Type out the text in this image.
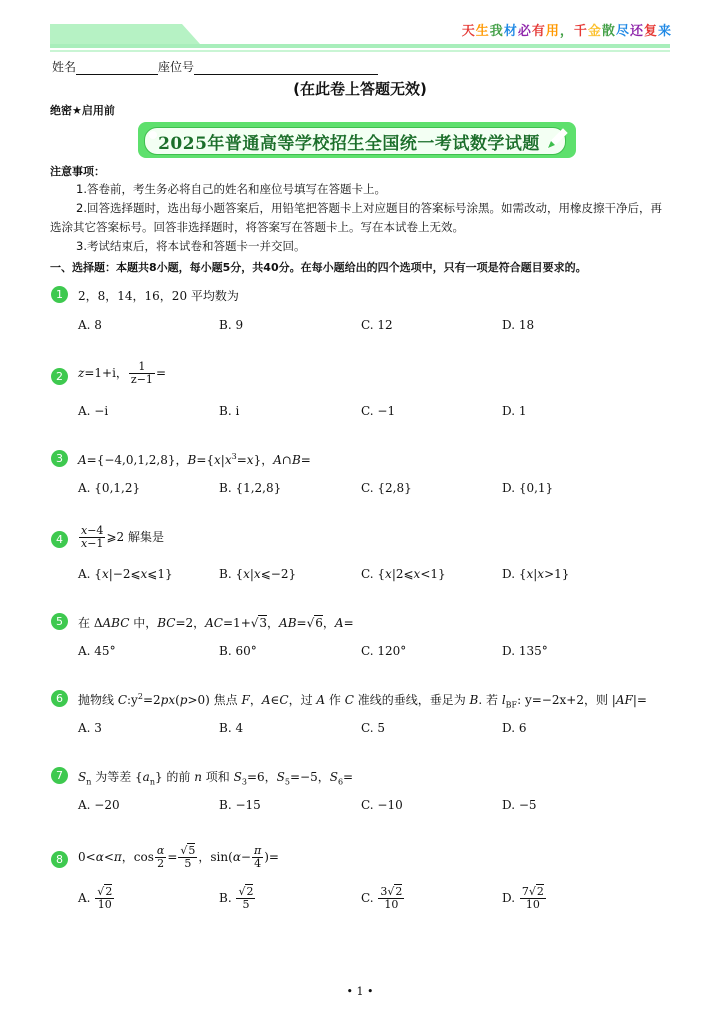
天生我材必有用，千金散尽还复来
姓名	座位号
(在此卷上答题无效)
绝密★启用前
2025年普通高等学校招生全国统一考试数学试题
注意事项：
1.答卷前，考生务必将自己的姓名和座位号填写在答题卡上。
2.回答选择题时，选出每小题答案后，用铅笔把答题卡上对应题目的答案标号涂黑。如需改动，用橡皮擦干净后，再选涂其它答案标号。回答非选择题时，将答案写在答题卡上。写在本试卷上无效。
3.考试结束后，将本试卷和答题卡一并交回。
一、选择题：本题共8小题，每小题5分，共40分。在每小题给出的四个选项中，只有一项是符合题目要求的。
1	2，8，14，16，20 平均数为
A. 8	B. 9	C. 12	D. 18
2	z=1+i， $\frac{1}{z-1}$ =
A. −i	B. i	C. −1	D. 1
3	A={−4,0,1,2,8}，$B=\{x|x^3=x\}$，A∩B=
A. {0,1,2}	B. {1,2,8}	C. {2,8}	D. {0,1}
4	$\frac{x-4}{x-1}$ ⩾2 解集是
A. {x|−2⩽x⩽1}	B. {x|x⩽−2}	C. {x|2⩽x<1}	D. {x|x>1}
5	在 ΔABC 中，BC=2，AC=1+√3，AB=√6，A=
A. 45°	B. 60°	C. 120°	D. 135°
6	抛物线 $C:y^2=2px(p>0)$ 焦点 F，A∈C，过 A 作 C 准线的垂线，垂足为 B. 若 $l_{BF}$: y=−2x+2，则 |AF|=
A. 3	B. 4	C. 5	D. 6
7	$S_n$ 为等差 $\{a_n\}$ 的前 n 项和 $S_3=6$，$S_5=-5$，$S_6=$
A. −20	B. −15	C. −10	D. −5
8	0<α<π，$\cos \frac{\alpha}{2} = \frac{√5}{5}$ ，$\sin(\alpha- \frac{\pi}{4}$ )=
A. $\frac{√2}{10}$	B. $\frac{√2}{5}$	C. $\frac{3√2}{10}$	D. $\frac{7√2}{10}$
• 1 •
